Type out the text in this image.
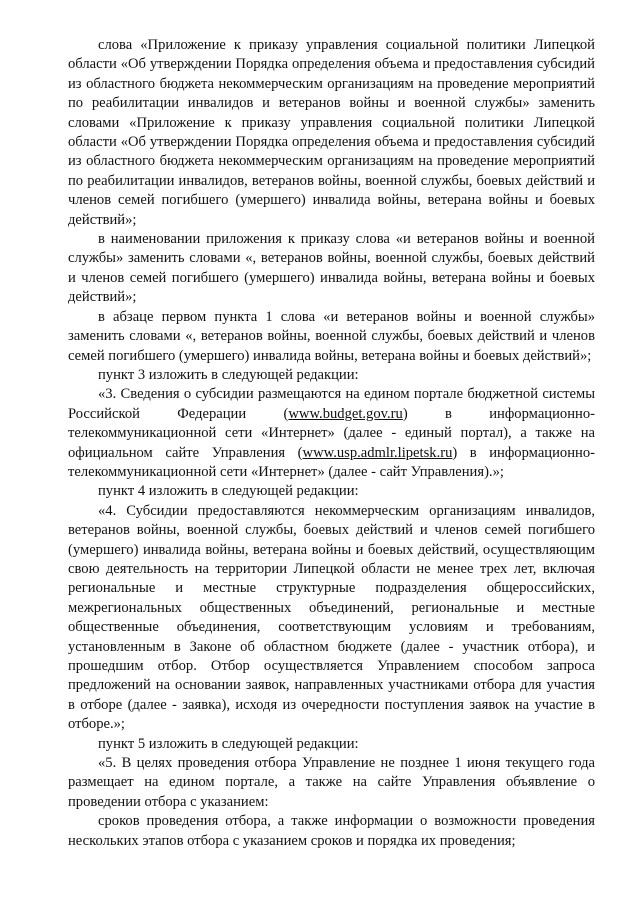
слова «Приложение к приказу управления социальной политики Липецкой области «Об утверждении Порядка определения объема и предоставления субсидий из областного бюджета некоммерческим организациям на проведение мероприятий по реабилитации инвалидов и ветеранов войны и военной службы» заменить словами «Приложение к приказу управления социальной политики Липецкой области «Об утверждении Порядка определения объема и предоставления субсидий из областного бюджета некоммерческим организациям на проведение мероприятий по реабилитации инвалидов, ветеранов войны, военной службы, боевых действий и членов семей погибшего (умершего) инвалида войны, ветерана войны и боевых действий»;

в наименовании приложения к приказу слова «и ветеранов войны и военной службы» заменить словами «, ветеранов войны, военной службы, боевых действий и членов семей погибшего (умершего) инвалида войны, ветерана войны и боевых действий»;

в абзаце первом пункта 1 слова «и ветеранов войны и военной службы» заменить словами «, ветеранов войны, военной службы, боевых действий и членов семей погибшего (умершего) инвалида войны, ветерана войны и боевых действий»;

пункт 3 изложить в следующей редакции:

«3. Сведения о субсидии размещаются на едином портале бюджетной системы Российской Федерации (www.budget.gov.ru) в информационно-телекоммуникационной сети «Интернет» (далее - единый портал), а также на официальном сайте Управления (www.usp.admlr.lipetsk.ru) в информационно-телекоммуникационной сети «Интернет» (далее - сайт Управления).»;

пункт 4 изложить в следующей редакции:

«4. Субсидии предоставляются некоммерческим организациям инвалидов, ветеранов войны, военной службы, боевых действий и членов семей погибшего (умершего) инвалида войны, ветерана войны и боевых действий, осуществляющим свою деятельность на территории Липецкой области не менее трех лет, включая региональные и местные структурные подразделения общероссийских, межрегиональных общественных объединений, региональные и местные общественные объединения, соответствующим условиям и требованиям, установленным в Законе об областном бюджете (далее - участник отбора), и прошедшим отбор. Отбор осуществляется Управлением способом запроса предложений на основании заявок, направленных участниками отбора для участия в отборе (далее - заявка), исходя из очередности поступления заявок на участие в отборе.»;

пункт 5 изложить в следующей редакции:

«5. В целях проведения отбора Управление не позднее 1 июня текущего года размещает на едином портале, а также на сайте Управления объявление о проведении отбора с указанием:

сроков проведения отбора, а также информации о возможности проведения нескольких этапов отбора с указанием сроков и порядка их проведения;
